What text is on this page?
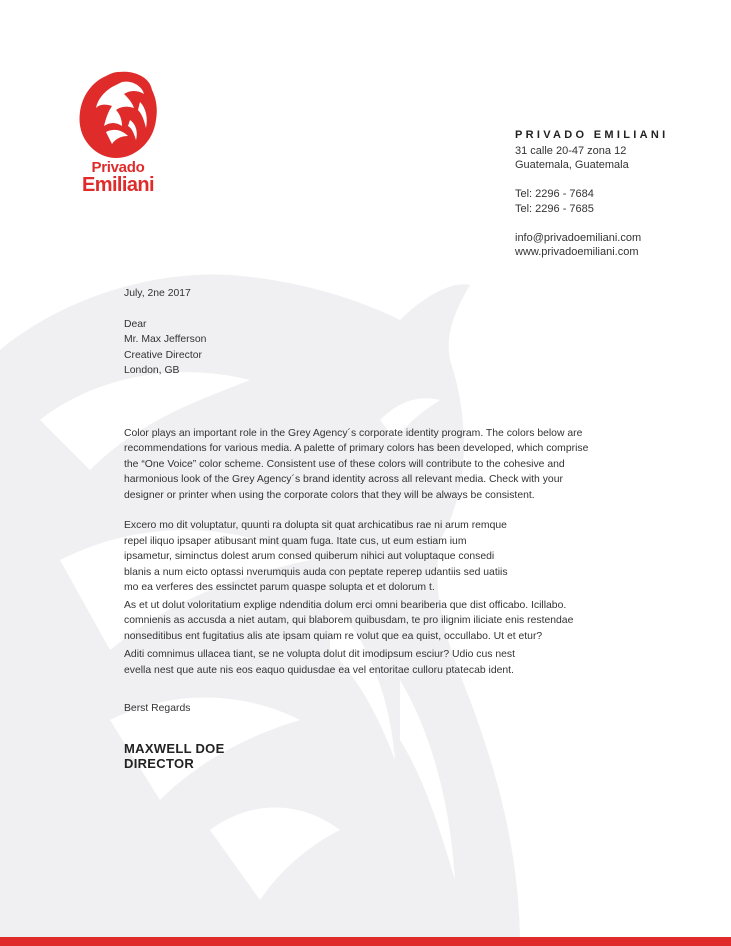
Privado
Emiliani
PRIVADO EMILIANI
31 calle 20-47 zona 12
Guatemala, Guatemala
Tel: 2296 - 7684
Tel: 2296 - 7685
info@privadoemiliani.com
www.privadoemiliani.com
July, 2ne 2017
Dear
Mr. Max Jefferson
Creative Director
London, GB

Color plays an important role in the Grey Agency´s corporate identity program. The colors below are recommendations for various media. A palette of primary colors has been developed, which comprise the “One Voice” color scheme. Consistent use of these colors will contribute to the cohesive and harmonious look of the Grey Agency´s brand identity across all relevant media. Check with your designer or printer when using the corporate colors that they will be always be consistent.

Excero mo dit voluptatur, quunti ra dolupta sit quat archicatibus rae ni arum remque repel iliquo ipsaper atibusant mint quam fuga. Itate cus, ut eum estiam ium ipsametur, siminctus dolest arum consed quiberum nihici aut voluptaque consedi blanis a num eicto optassi nverumquis auda con peptate reperep udantiis sed uatiis mo ea verferes des essinctet parum quaspe solupta et et dolorum t.

As et ut dolut voloritatium explige ndenditia dolum erci omni beariberia que dist officabo. Icillabo. comnienis as accusda a niet autam, qui blaborem quibusdam, te pro ilignim iliciate enis restendae nonseditibus ent fugitatius alis ate ipsam quiam re volut que ea quist, occullabo. Ut et etur?

Aditi comnimus ullacea tiant, se ne volupta dolut dit imodipsum esciur? Udio cus nest evella nest que aute nis eos eaquo quidusdae ea vel entoritae culloru ptatecab ident.

Berst Regards
MAXWELL DOE
DIRECTOR
